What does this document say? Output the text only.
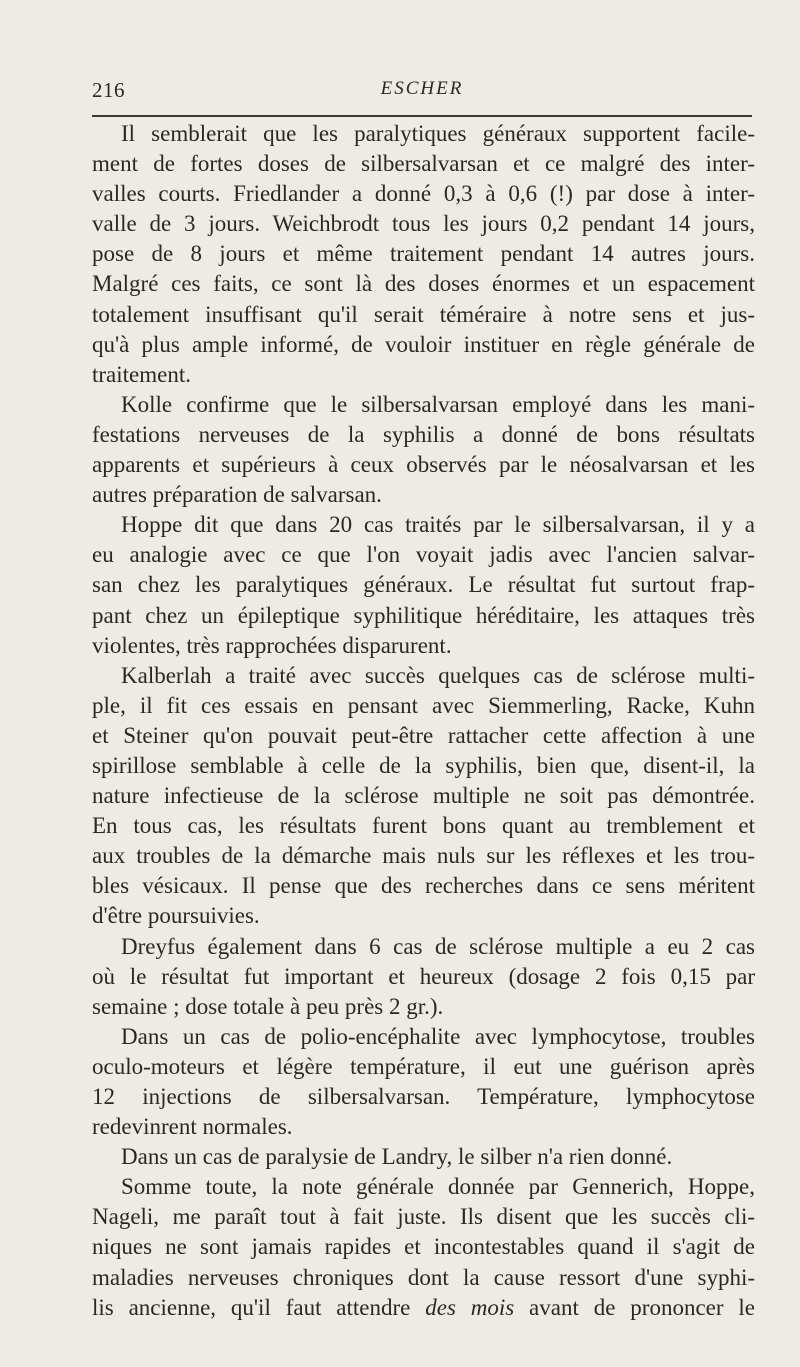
216	ESCHER
Il semblerait que les paralytiques généraux supportent facile-
ment de fortes doses de silbersalvarsan et ce malgré des inter-
valles courts. Friedlander a donné 0,3 à 0,6 (!) par dose à inter-
valle de 3 jours. Weichbrodt tous les jours 0,2 pendant 14 jours,
pose de 8 jours et même traitement pendant 14 autres jours.
Malgré ces faits, ce sont là des doses énormes et un espacement
totalement insuffisant qu'il serait téméraire à notre sens et jus-
qu'à plus ample informé, de vouloir instituer en règle générale de
traitement.
Kolle confirme que le silbersalvarsan employé dans les mani-
festations nerveuses de la syphilis a donné de bons résultats
apparents et supérieurs à ceux observés par le néosalvarsan et les
autres préparation de salvarsan.
Hoppe dit que dans 20 cas traités par le silbersalvarsan, il y a
eu analogie avec ce que l'on voyait jadis avec l'ancien salvar-
san chez les paralytiques généraux. Le résultat fut surtout frap-
pant chez un épileptique syphilitique héréditaire, les attaques très
violentes, très rapprochées disparurent.
Kalberlah a traité avec succès quelques cas de sclérose multi-
ple, il fit ces essais en pensant avec Siemmerling, Racke, Kuhn
et Steiner qu'on pouvait peut-être rattacher cette affection à une
spirillose semblable à celle de la syphilis, bien que, disent-il, la
nature infectieuse de la sclérose multiple ne soit pas démontrée.
En tous cas, les résultats furent bons quant au tremblement et
aux troubles de la démarche mais nuls sur les réflexes et les trou-
bles vésicaux. Il pense que des recherches dans ce sens méritent
d'être poursuivies.
Dreyfus également dans 6 cas de sclérose multiple a eu 2 cas
où le résultat fut important et heureux (dosage 2 fois 0,15 par
semaine ; dose totale à peu près 2 gr.).
Dans un cas de polio-encéphalite avec lymphocytose, troubles
oculo-moteurs et légère température, il eut une guérison après
12 injections de silbersalvarsan. Température, lymphocytose
redevinrent normales.
Dans un cas de paralysie de Landry, le silber n'a rien donné.
Somme toute, la note générale donnée par Gennerich, Hoppe,
Nageli, me paraît tout à fait juste. Ils disent que les succès cli-
niques ne sont jamais rapides et incontestables quand il s'agit de
maladies nerveuses chroniques dont la cause ressort d'une syphi-
lis ancienne, qu'il faut attendre des mois avant de prononcer le
